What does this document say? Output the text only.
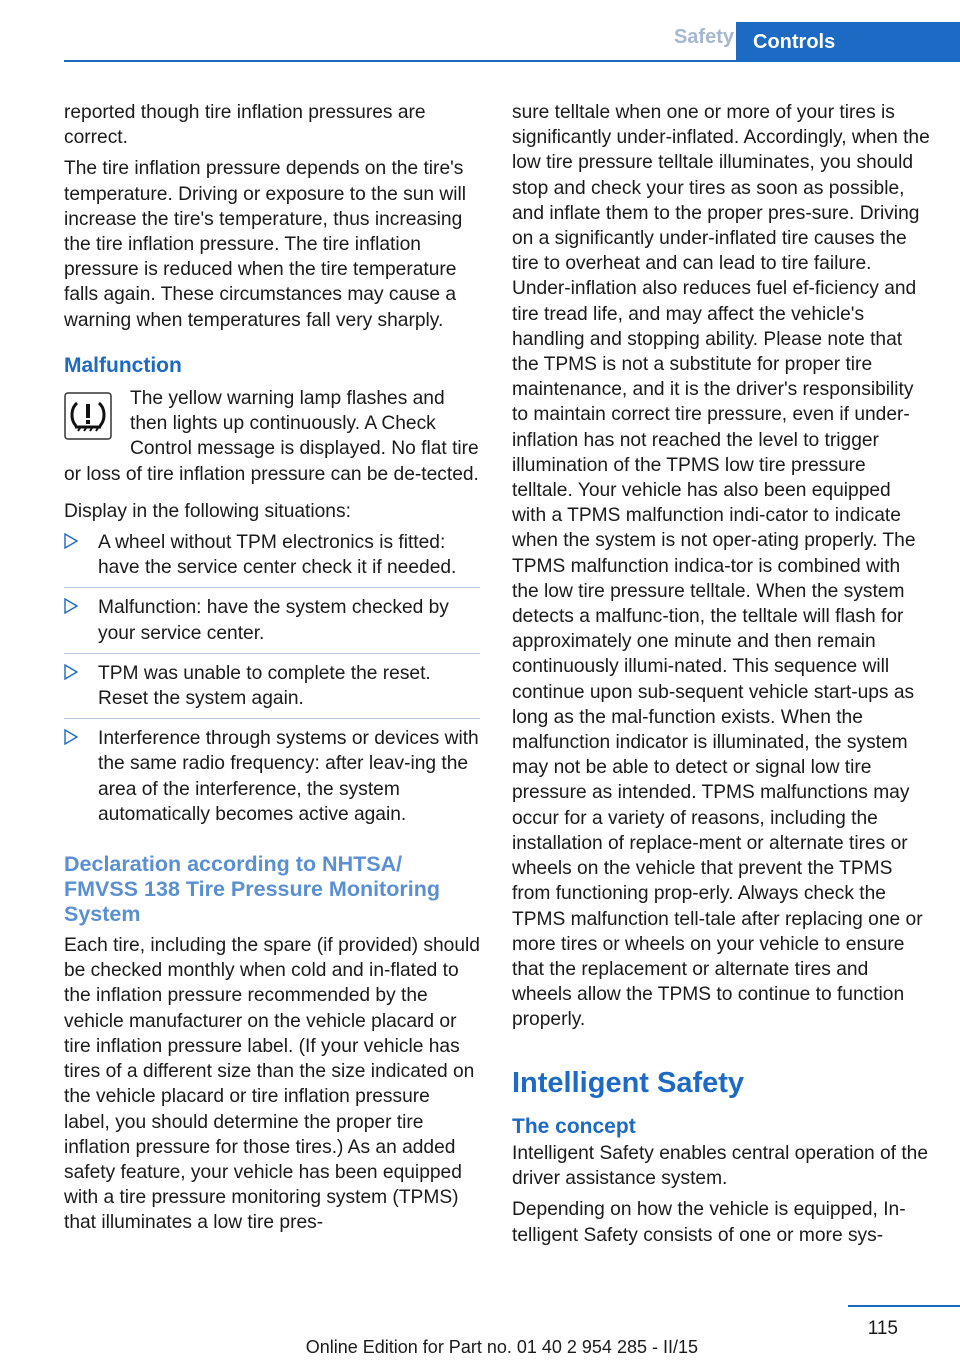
Safety Controls

reported though tire inflation pressures are correct.

The tire inflation pressure depends on the tire's temperature. Driving or exposure to the sun will increase the tire's temperature, thus increasing the tire inflation pressure. The tire inflation pressure is reduced when the tire temperature falls again. These circumstances may cause a warning when temperatures fall very sharply.

Malfunction

The yellow warning lamp flashes and then lights up continuously. A Check Control message is displayed. No flat tire or loss of tire inflation pressure can be de-tected.

Display in the following situations:

A wheel without TPM electronics is fitted: have the service center check it if needed.
Malfunction: have the system checked by your service center.
TPM was unable to complete the reset. Reset the system again.
Interference through systems or devices with the same radio frequency: after leav-ing the area of the interference, the system automatically becomes active again.
Declaration according to NHTSA/ FMVSS 138 Tire Pressure Monitoring System

Each tire, including the spare (if provided) should be checked monthly when cold and in-flated to the inflation pressure recommended by the vehicle manufacturer on the vehicle placard or tire inflation pressure label. (If your vehicle has tires of a different size than the size indicated on the vehicle placard or tire inflation pressure label, you should determine the proper tire inflation pressure for those tires.) As an added safety feature, your vehicle has been equipped with a tire pressure monitoring system (TPMS) that illuminates a low tire pres-

sure telltale when one or more of your tires is significantly under-inflated. Accordingly, when the low tire pressure telltale illuminates, you should stop and check your tires as soon as possible, and inflate them to the proper pres-sure. Driving on a significantly under-inflated tire causes the tire to overheat and can lead to tire failure. Under-inflation also reduces fuel ef-ficiency and tire tread life, and may affect the vehicle's handling and stopping ability. Please note that the TPMS is not a substitute for proper tire maintenance, and it is the driver's responsibility to maintain correct tire pressure, even if under-inflation has not reached the level to trigger illumination of the TPMS low tire pressure telltale. Your vehicle has also been equipped with a TPMS malfunction indi-cator to indicate when the system is not oper-ating properly. The TPMS malfunction indica-tor is combined with the low tire pressure telltale. When the system detects a malfunc-tion, the telltale will flash for approximately one minute and then remain continuously illumi-nated. This sequence will continue upon sub-sequent vehicle start-ups as long as the mal-function exists. When the malfunction indicator is illuminated, the system may not be able to detect or signal low tire pressure as intended. TPMS malfunctions may occur for a variety of reasons, including the installation of replace-ment or alternate tires or wheels on the vehicle that prevent the TPMS from functioning prop-erly. Always check the TPMS malfunction tell-tale after replacing one or more tires or wheels on your vehicle to ensure that the replacement or alternate tires and wheels allow the TPMS to continue to function properly.

Intelligent Safety
The concept

Intelligent Safety enables central operation of the driver assistance system.

Depending on how the vehicle is equipped, In-telligent Safety consists of one or more sys-

115
Online Edition for Part no. 01 40 2 954 285 - II/15
